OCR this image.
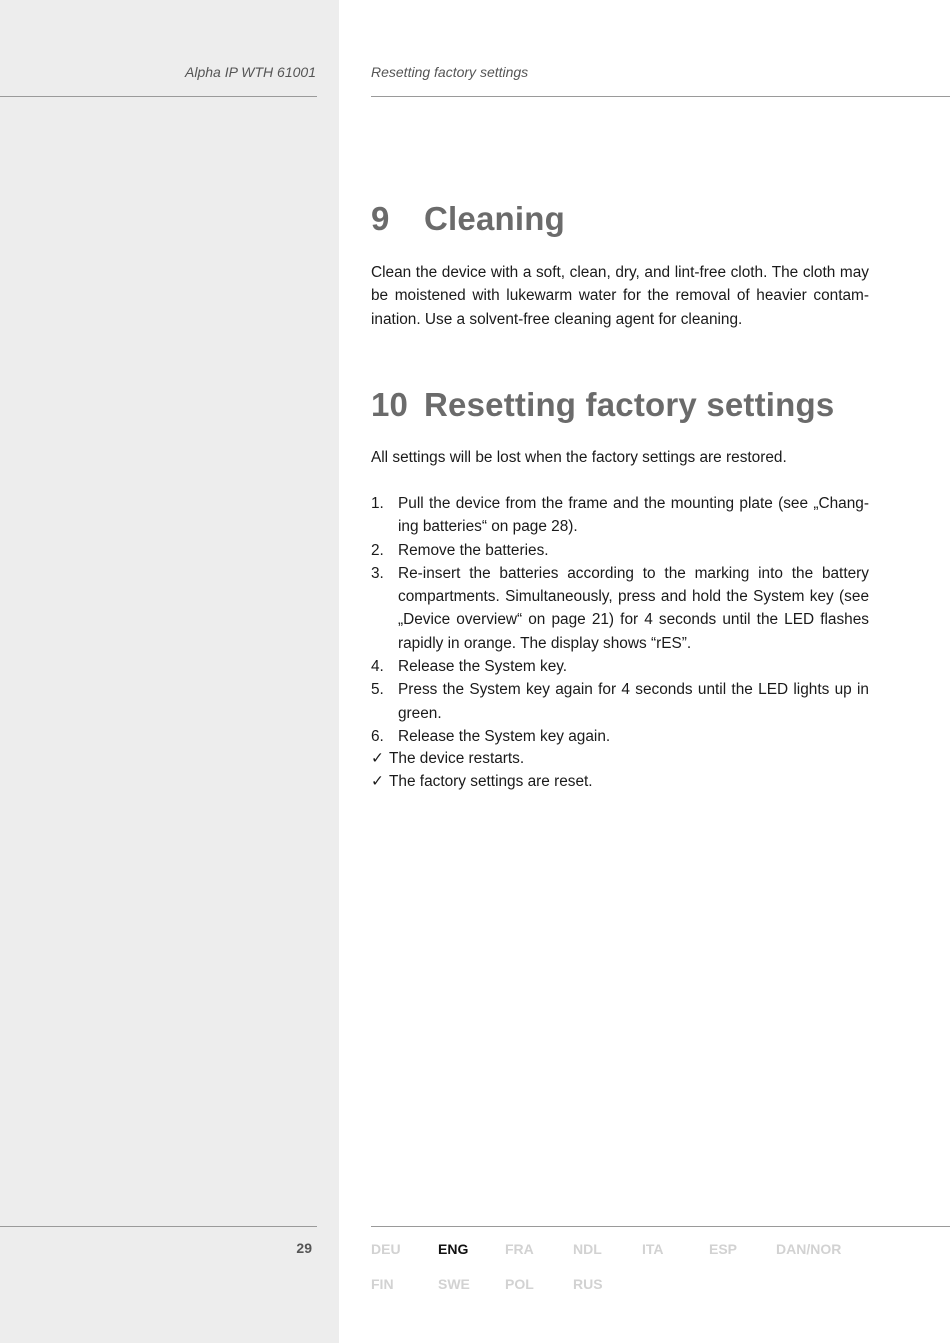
Alpha IP WTH 61001	Resetting factory settings
9 Cleaning

Clean the device with a soft, clean, dry, and lint-free cloth. The cloth may be moistened with lukewarm water for the removal of heavier contamination. Use a solvent-free cleaning agent for cleaning.

10 Resetting factory settings

All settings will be lost when the factory settings are restored.

1. Pull the device from the frame and the mounting plate (see „Changing batteries“ on page 28).
2. Remove the batteries.
3. Re-insert the batteries according to the marking into the battery compartments. Simultaneously, press and hold the System key (see „Device overview“ on page 21) for 4 seconds until the LED flashes rapidly in orange. The display shows “rES”.
4. Release the System key.
5. Press the System key again for 4 seconds until the LED lights up in green.
6. Release the System key again.
✓ The device restarts.
✓ The factory settings are reset.
29	DEU	ENG	FRA	NDL	ITA	ESP	DAN/NOR
FIN	SWE	POL	RUS
